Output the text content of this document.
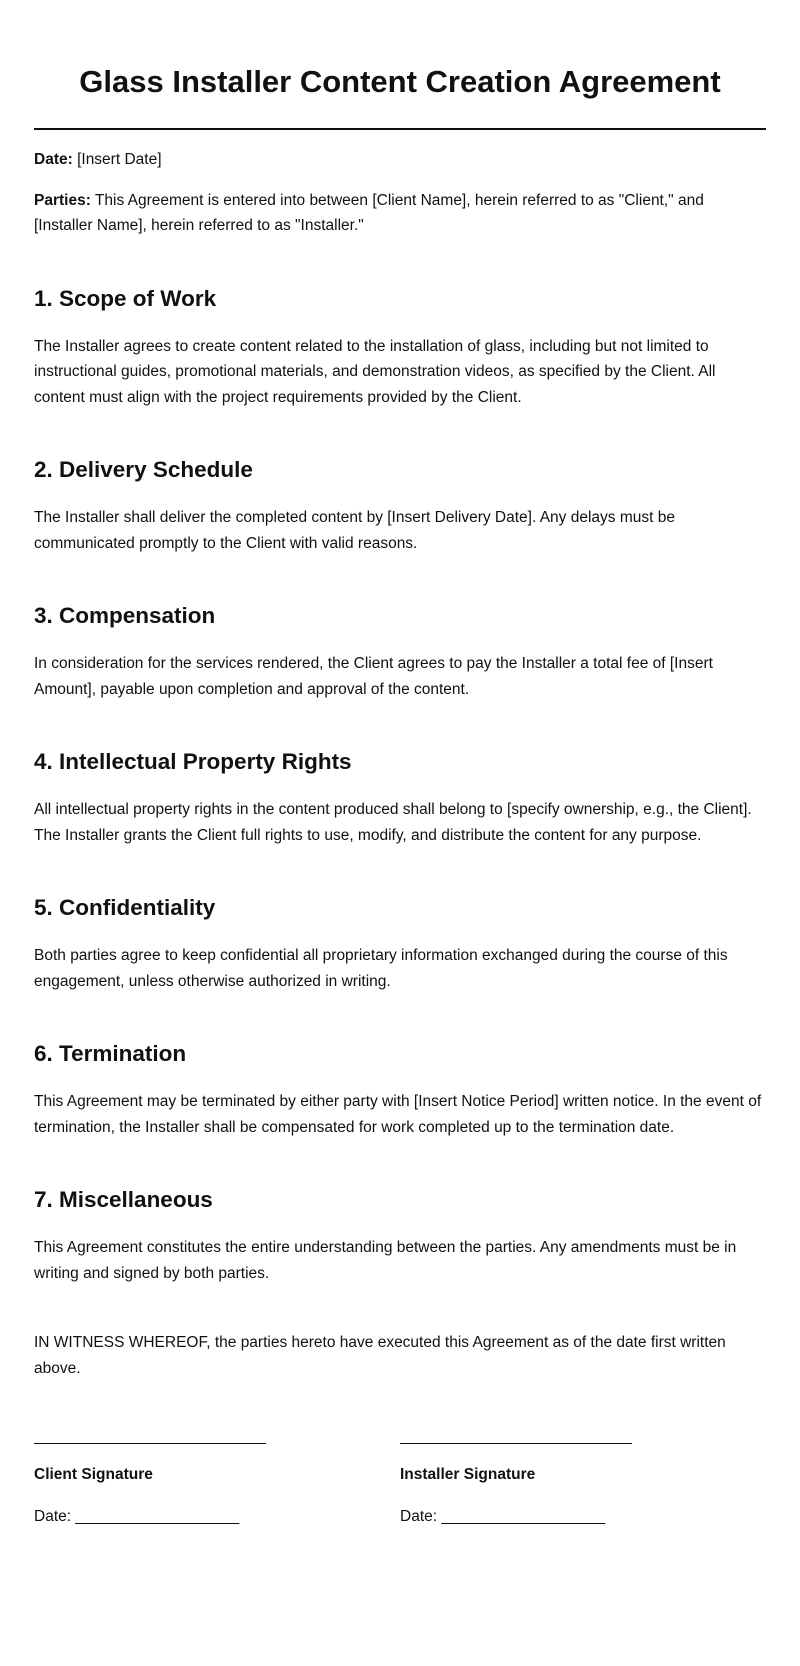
Glass Installer Content Creation Agreement

Date: [Insert Date]

Parties: This Agreement is entered into between [Client Name], herein referred to as "Client," and [Installer Name], herein referred to as "Installer."

1. Scope of Work

The Installer agrees to create content related to the installation of glass, including but not limited to instructional guides, promotional materials, and demonstration videos, as specified by the Client. All content must align with the project requirements provided by the Client.

2. Delivery Schedule

The Installer shall deliver the completed content by [Insert Delivery Date]. Any delays must be communicated promptly to the Client with valid reasons.

3. Compensation

In consideration for the services rendered, the Client agrees to pay the Installer a total fee of [Insert Amount], payable upon completion and approval of the content.

4. Intellectual Property Rights

All intellectual property rights in the content produced shall belong to [specify ownership, e.g., the Client]. The Installer grants the Client full rights to use, modify, and distribute the content for any purpose.

5. Confidentiality

Both parties agree to keep confidential all proprietary information exchanged during the course of this engagement, unless otherwise authorized in writing.

6. Termination

This Agreement may be terminated by either party with [Insert Notice Period] written notice. In the event of termination, the Installer shall be compensated for work completed up to the termination date.

7. Miscellaneous

This Agreement constitutes the entire understanding between the parties. Any amendments must be in writing and signed by both parties.

IN WITNESS WHEREOF, the parties hereto have executed this Agreement as of the date first written above.

Client Signature
Date: ___________________
Installer Signature
Date: ___________________
